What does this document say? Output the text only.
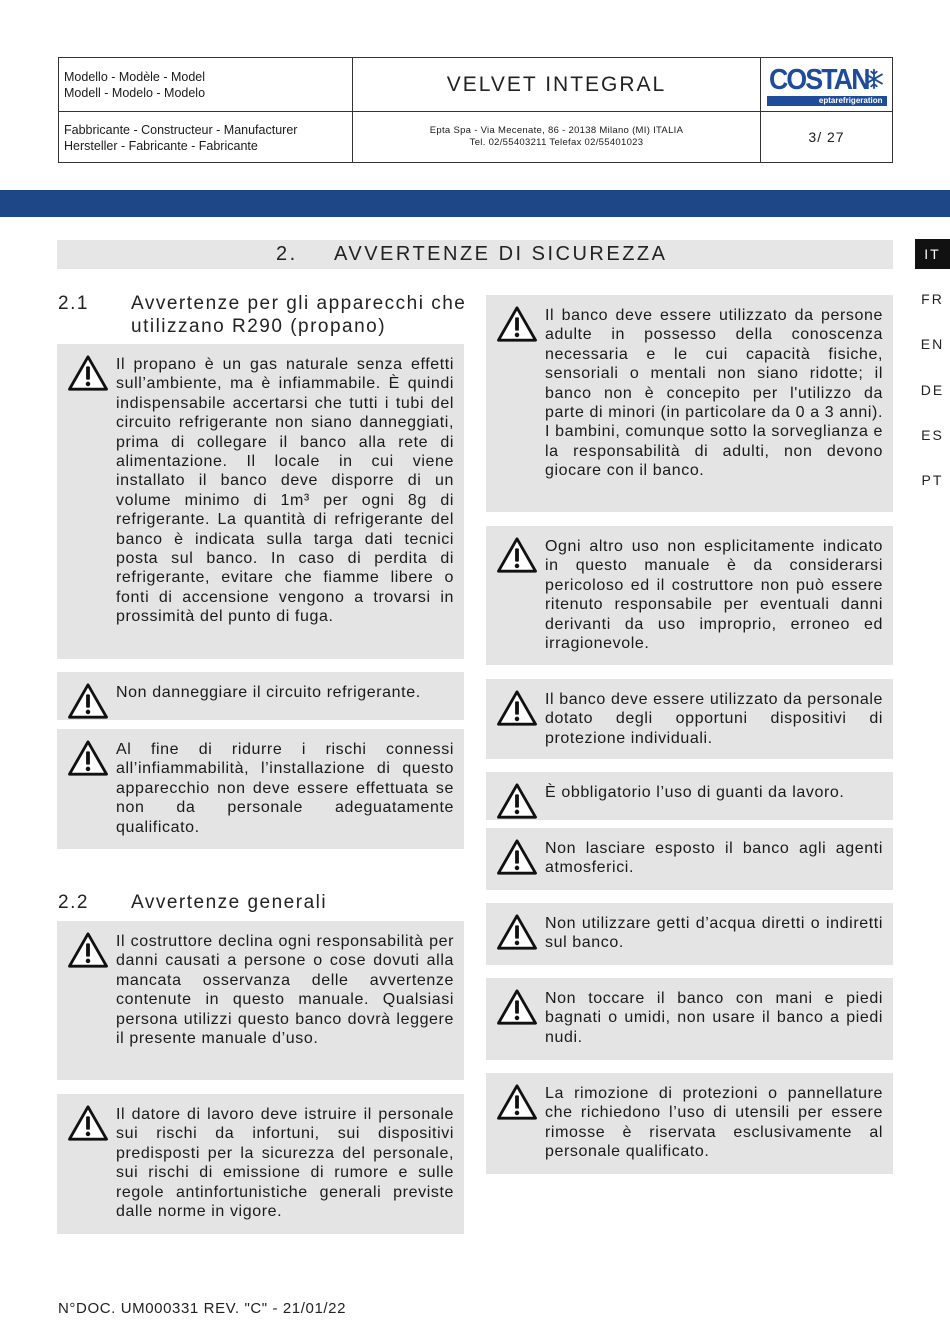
Modello - Modèle - Model
Modell - Modelo - Modelo	VELVET INTEGRAL	COSTAN
eptarefrigeration
Fabbricante - Constructeur - Manufacturer
Hersteller - Fabricante - Fabricante
Epta Spa - Via Mecenate, 86 - 20138 Milano (MI) ITALIA
Tel. 02/55403211 Telefax 02/55401023	3/ 27
2. AVVERTENZE DI SICUREZZA	IT
FR
EN
DE
ES
PT
2.1 Avvertenze per gli apparecchi che utilizzano R290 (propano)
2.2 Avvertenze generali
Il propano è un gas naturale senza effetti sull’ambiente, ma è infiammabile. È quindi indispensabile accertarsi che tutti i tubi del circuito refrigerante non siano danneggiati, prima di collegare il banco alla rete di alimentazione. Il locale in cui viene installato il banco deve disporre di un volume minimo di 1m³ per ogni 8g di refrigerante. La quantità di refrigerante del banco è indicata sulla targa dati tecnici posta sul banco. In caso di perdita di refrigerante, evitare che fiamme libere o fonti di accensione vengono a trovarsi in prossimità del punto di fuga.
Non danneggiare il circuito refrigerante.
Al fine di ridurre i rischi connessi all’infiammabilità, l’installazione di questo apparecchio non deve essere effettuata se non da personale adeguatamente qualificato.
Il costruttore declina ogni responsabilità per danni causati a persone o cose dovuti alla mancata osservanza delle avvertenze contenute in questo manuale. Qualsiasi persona utilizzi questo banco dovrà leggere il presente manuale d’uso.
Il datore di lavoro deve istruire il personale sui rischi da infortuni, sui dispositivi predisposti per la sicurezza del personale, sui rischi di emissione di rumore e sulle regole antinfortunistiche generali previste dalle norme in vigore.
Il banco deve essere utilizzato da persone adulte in possesso della conoscenza necessaria e le cui capacità fisiche, sensoriali o mentali non siano ridotte; il banco non è concepito per l'utilizzo da parte di minori (in particolare da 0 a 3 anni). I bambini, comunque sotto la sorveglianza e la responsabilità di adulti, non devono giocare con il banco.
Ogni altro uso non esplicitamente indicato in questo manuale è da considerarsi pericoloso ed il costruttore non può essere ritenuto responsabile per eventuali danni derivanti da uso improprio, erroneo ed irragionevole.
Il banco deve essere utilizzato da personale dotato degli opportuni dispositivi di protezione individuali.
È obbligatorio l’uso di guanti da lavoro.
Non lasciare esposto il banco agli agenti atmosferici.
Non utilizzare getti d’acqua diretti o indiretti sul banco.
Non toccare il banco con mani e piedi bagnati o umidi, non usare il banco a piedi nudi.
La rimozione di protezioni o pannellature che richiedono l’uso di utensili per essere rimosse è riservata esclusivamente al personale qualificato.
N°DOC. UM000331 REV. "C" - 21/01/22
